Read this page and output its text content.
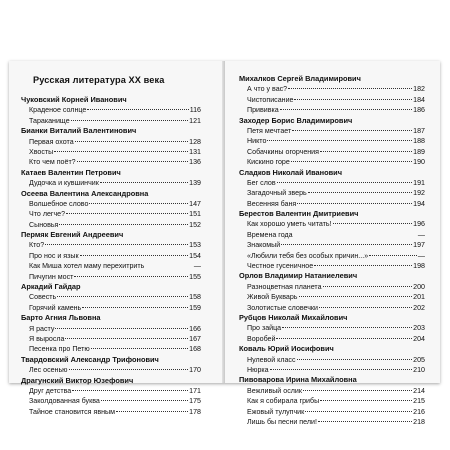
Русская литература XX века
Чуковский Корней Иванович
Краденое солнце	116
Тараканище	121
Бианки Виталий Валентинович
Первая охота	128
Хвосты	131
Кто чем поёт?	136
Катаев Валентин Петрович
Дудочка и кувшинчик	139
Осеева Валентина Александровна
Волшебное слово	147
Что легче?	151
Сыновья	152
Пермяк Евгений Андреевич
Кто?	153
Про нос и язык	154
Как Миша хотел маму перехитрить	—
Пичугин мост	155
Аркадий Гайдар
Совесть	158
Горячий камень	159
Барто Агния Львовна
Я расту	166
Я выросла	167
Песенка про Петю	168
Твардовский Александр Трифонович
Лес осенью	170
Драгунский Виктор Юзефович
Друг детства	171
Заколдованная буква	175
Тайное становится явным	178
Михалков Сергей Владимирович
А что у вас?	182
Чистописание	184
Прививка	186
Заходер Борис Владимирович
Петя мечтает	187
Никто	188
Собачкины огорчения	189
Кискино горе	190
Сладков Николай Иванович
Бег слов	191
Загадочный зверь	192
Весенняя баня	194
Берестов Валентин Дмитриевич
Как хорошо уметь читать!	196
Времена года	—
Знакомый	197
«Любили тебя без особых причин...»	—
Честное гусеничное	198
Орлов Владимир Натаниелевич
Разноцветная планета	200
Живой Букварь	201
Золотистые словечки	202
Рубцов Николай Михайлович
Про зайца	203
Воробей	204
Коваль Юрий Иосифович
Нулевой класс	205
Нюрка	210
Пивоварова Ирина Михайловна
Вежливый ослик	214
Как я собирала грибы	215
Ежовый тулупчик	216
Лишь бы песни пели!	218
